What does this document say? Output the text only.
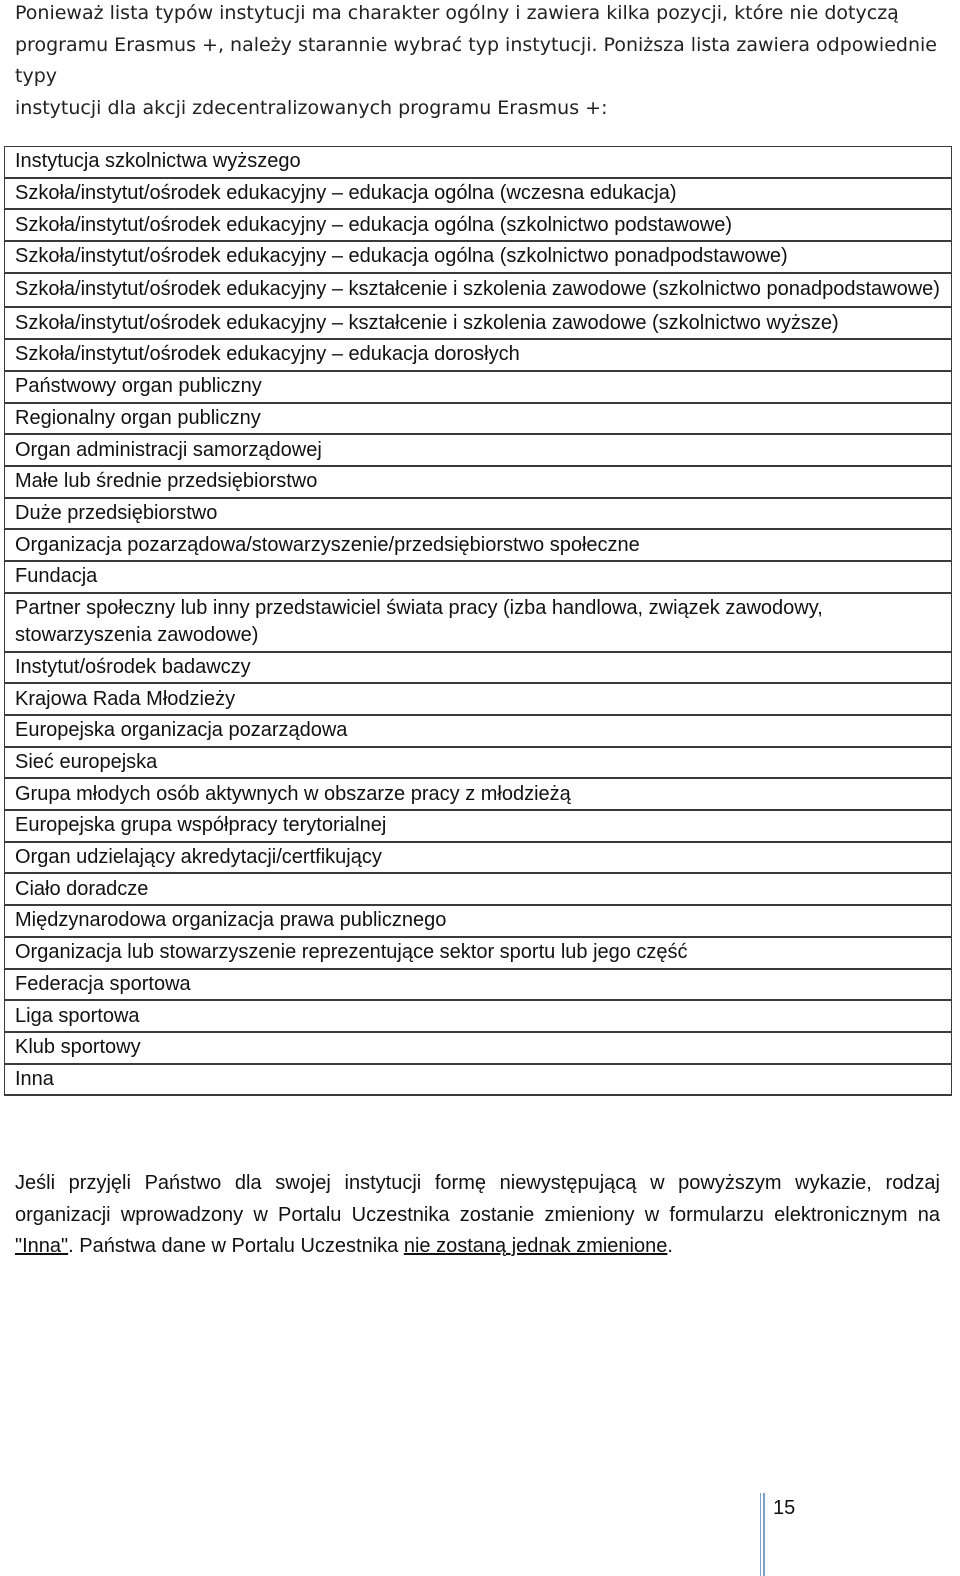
Ponieważ lista typów instytucji ma charakter ogólny i zawiera kilka pozycji, które nie dotyczą
programu Erasmus +, należy starannie wybrać typ instytucji. Poniższa lista zawiera odpowiednie typy
instytucji dla akcji zdecentralizowanych programu Erasmus +:
Instytucja szkolnictwa wyższego
Szkoła/instytut/ośrodek edukacyjny – edukacja ogólna (wczesna edukacja)
Szkoła/instytut/ośrodek edukacyjny – edukacja ogólna (szkolnictwo podstawowe)
Szkoła/instytut/ośrodek edukacyjny – edukacja ogólna (szkolnictwo ponadpodstawowe)
Szkoła/instytut/ośrodek edukacyjny – kształcenie i szkolenia zawodowe (szkolnictwo ponadpodstawowe)
Szkoła/instytut/ośrodek edukacyjny – kształcenie i szkolenia zawodowe (szkolnictwo wyższe)
Szkoła/instytut/ośrodek edukacyjny – edukacja dorosłych
Państwowy organ publiczny
Regionalny organ publiczny
Organ administracji samorządowej
Małe lub średnie przedsiębiorstwo
Duże przedsiębiorstwo
Organizacja pozarządowa/stowarzyszenie/przedsiębiorstwo społeczne
Fundacja
Partner społeczny lub inny przedstawiciel świata pracy (izba handlowa, związek zawodowy, stowarzyszenia zawodowe)
Instytut/ośrodek badawczy
Krajowa Rada Młodzieży
Europejska organizacja pozarządowa
Sieć europejska
Grupa młodych osób aktywnych w obszarze pracy z młodzieżą
Europejska grupa współpracy terytorialnej
Organ udzielający akredytacji/certfikujący
Ciało doradcze
Międzynarodowa organizacja prawa publicznego
Organizacja lub stowarzyszenie reprezentujące sektor sportu lub jego część
Federacja sportowa
Liga sportowa
Klub sportowy
Inna

Jeśli przyjęli Państwo dla swojej instytucji formę niewystępującą w powyższym wykazie, rodzaj organizacji wprowadzony w Portalu Uczestnika zostanie zmieniony w formularzu elektronicznym na "Inna". Państwa dane w Portalu Uczestnika nie zostaną jednak zmienione.

15
